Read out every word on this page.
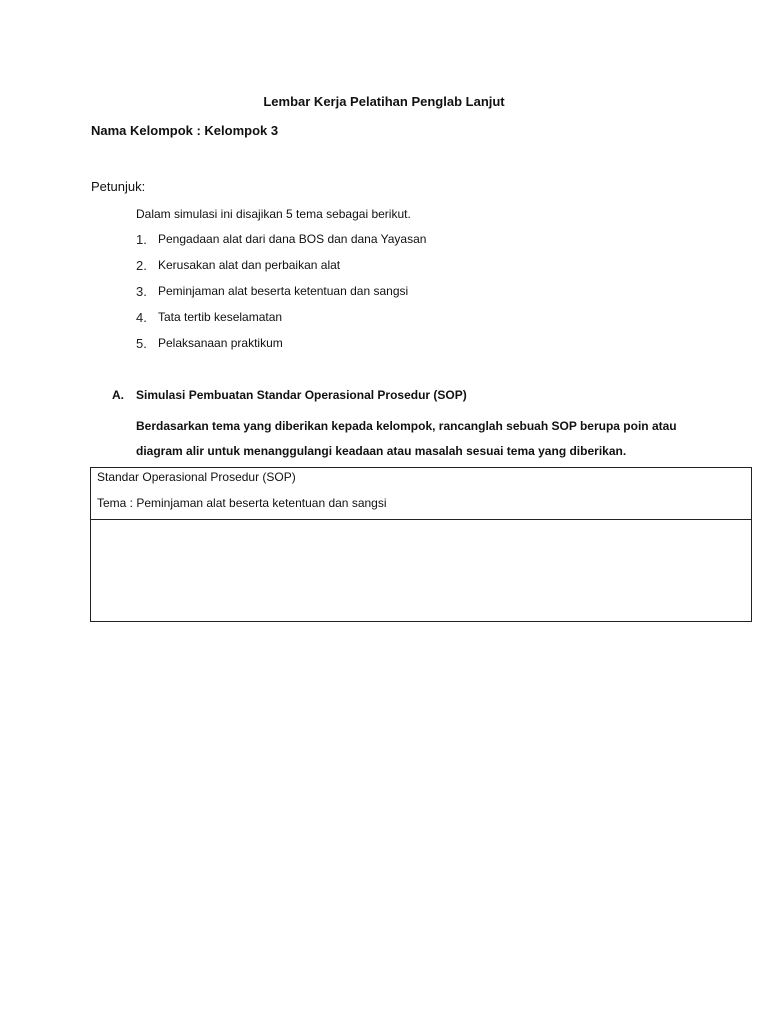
Lembar Kerja Pelatihan Penglab Lanjut
Nama Kelompok : Kelompok 3
Petunjuk:
Dalam simulasi ini disajikan 5 tema sebagai berikut.
1. Pengadaan alat dari dana BOS dan dana Yayasan
2. Kerusakan alat dan perbaikan alat
3. Peminjaman alat beserta ketentuan dan sangsi
4. Tata tertib keselamatan
5. Pelaksanaan praktikum
A. Simulasi Pembuatan Standar Operasional Prosedur (SOP)

Berdasarkan tema yang diberikan kepada kelompok, rancanglah sebuah SOP berupa poin atau diagram alir untuk menanggulangi keadaan atau masalah sesuai tema yang diberikan.

Standar Operasional Prosedur (SOP)
Tema : Peminjaman alat beserta ketentuan dan sangsi
